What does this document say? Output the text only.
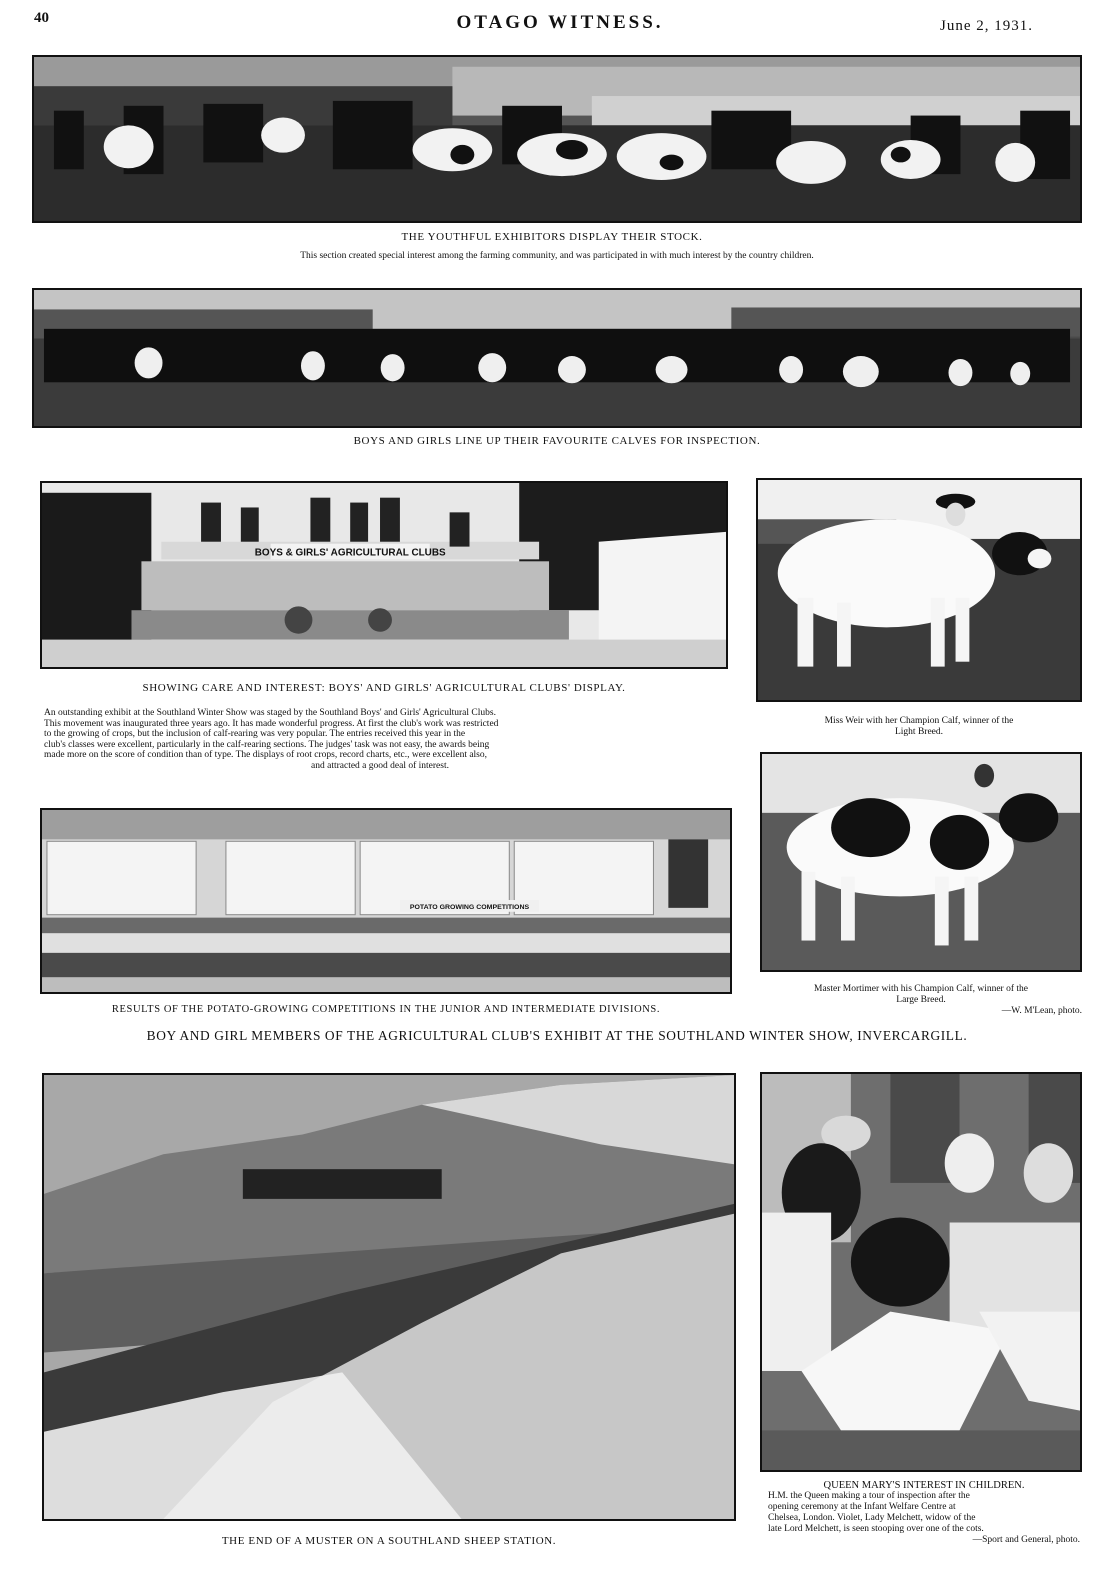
40	OTAGO WITNESS.	June 2, 1931.
THE YOUTHFUL EXHIBITORS DISPLAY THEIR STOCK.
This section created special interest among the farming community, and was participated in with much interest by the country children.
BOYS AND GIRLS LINE UP THEIR FAVOURITE CALVES FOR INSPECTION.
BOYS & GIRLS' AGRICULTURAL CLUBS
SHOWING CARE AND INTEREST: BOYS' AND GIRLS' AGRICULTURAL CLUBS' DISPLAY.
An outstanding exhibit at the Southland Winter Show was staged by the Southland Boys' and Girls' Agricultural Clubs.
This movement was inaugurated three years ago. It has made wonderful progress. At first the club's work was restricted
to the growing of crops, but the inclusion of calf-rearing was very popular. The entries received this year in the
club's classes were excellent, particularly in the calf-rearing sections. The judges' task was not easy, the awards being
made more on the score of condition than of type. The displays of root crops, record charts, etc., were excellent also,
and attracted a good deal of interest.
Miss Weir with her Champion Calf, winner of the
Light Breed.
POTATO GROWING COMPETITIONS
RESULTS OF THE POTATO-GROWING COMPETITIONS IN THE JUNIOR AND INTERMEDIATE DIVISIONS.
Master Mortimer with his Champion Calf, winner of the
Large Breed.
—W. M'Lean, photo.
BOY AND GIRL MEMBERS OF THE AGRICULTURAL CLUB'S EXHIBIT AT THE SOUTHLAND WINTER SHOW, INVERCARGILL.
THE END OF A MUSTER ON A SOUTHLAND SHEEP STATION.
QUEEN MARY'S INTEREST IN CHILDREN.
H.M. the Queen making a tour of inspection after the
opening ceremony at the Infant Welfare Centre at
Chelsea, London. Violet, Lady Melchett, widow of the
late Lord Melchett, is seen stooping over one of the cots.
—Sport and General, photo.
